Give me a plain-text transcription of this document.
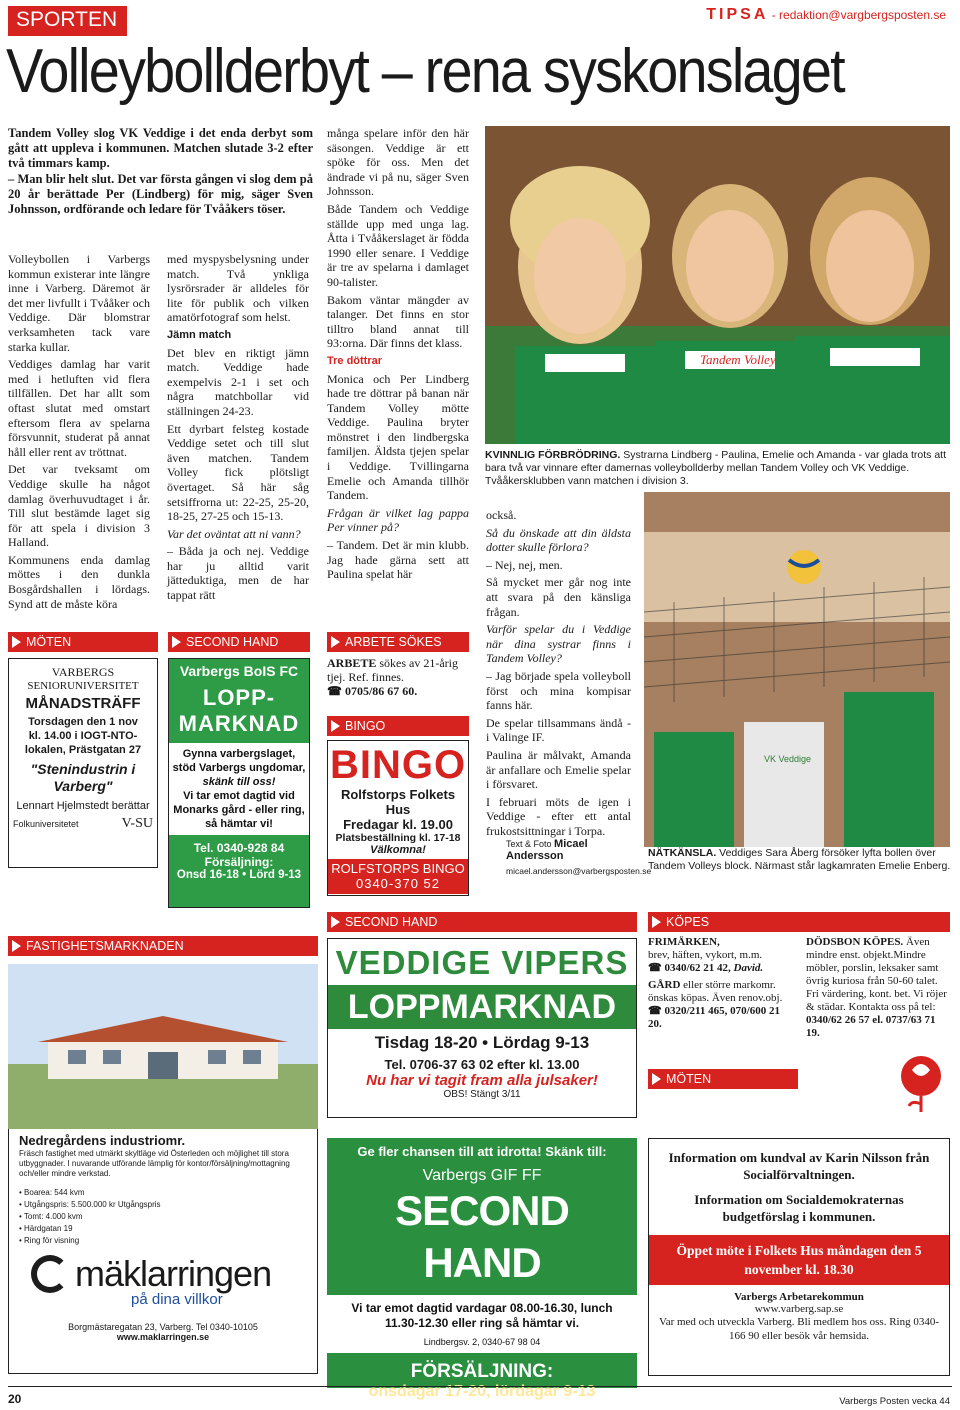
SPORTEN	TIPSA - redaktion@vargbergsposten.se
Volleybollderbyt – rena syskonslaget

Tandem Volley slog VK Veddige i det enda derbyt som gått att uppleva i kommunen. Matchen slutade 3-2 efter två timmars kamp.

– Man blir helt slut. Det var första gången vi slog dem på 20 år berättade Per (Lindberg) för mig, säger Sven Johnsson, ordförande och ledare för Tvååkers töser.

Volleybollen i Varbergs kommun existerar inte längre inne i Varberg. Däremot är det mer livfullt i Tvååker och Veddige. Där blomstrar verksamheten tack vare starka kullar.

Veddiges damlag har varit med i hetluften vid flera tillfällen. Det har allt som oftast slutat med omstart eftersom flera av spelarna försvunnit, studerat på annat håll eller rent av tröttnat.

Det var tveksamt om Veddige skulle ha något damlag överhuvudtaget i år. Till slut bestämde laget sig för att spela i division 3 Halland.

Kommunens enda damlag möttes i den dunkla Bosgårdshallen i lördags. Synd att de måste köra

med myspysbelysning under match. Två ynkliga lysrörsrader är alldeles för lite för publik och vilken amatörfotograf som helst.

Jämn match

Det blev en riktigt jämn match. Veddige hade exempelvis 2-1 i set och några matchbollar vid ställningen 24-23.

Ett dyrbart felsteg kostade Veddige setet och till slut även matchen. Tandem Volley fick plötsligt övertaget. Så här såg setsiffrorna ut: 22-25, 25-20, 18-25, 27-25 och 15-13.

Var det oväntat att ni vann?

– Båda ja och nej. Veddige har ju alltid varit jätteduktiga, men de har tappat rätt

många spelare inför den här säsongen. Veddige är ett spöke för oss. Men det ändrade vi på nu, säger Sven Johnsson.

Både Tandem och Veddige ställde upp med unga lag. Åtta i Tvååkerslaget är födda 1990 eller senare. I Veddige är tre av spelarna i damlaget 90-talister.

Bakom väntar mängder av talanger. Det finns en stor tilltro bland annat till 93:orna. Där finns det klass.

Tre döttrar

Monica och Per Lindberg hade tre döttrar på banan när Tandem Volley mötte Veddige. Paulina bryter mönstret i den lindbergska familjen. Äldsta tjejen spelar i Veddige. Tvillingarna Emelie och Amanda tillhör Tandem.

Frågan är vilket lag pappa Per vinner på?

– Tandem. Det är min klubb. Jag hade gärna sett att Paulina spelat här

Tandem Volley
KVINNLIG FÖRBRÖDRING. Systrarna Lindberg - Paulina, Emelie och Amanda - var glada trots att bara två var vinnare efter damernas volleybollderby mellan Tandem Volley och VK Veddige. Tvååkersklubben vann matchen i division 3.

också.

Så du önskade att din äldsta dotter skulle förlora?

– Nej, nej, men.

Så mycket mer går nog inte att svara på den känsliga frågan.

Varför spelar du i Veddige när dina systrar finns i Tandem Volley?

– Jag började spela volleyboll först och mina kompisar fanns här.

De spelar tillsammans ändå - i Valinge IF.

Paulina är målvakt, Amanda är anfallare och Emelie spelar i försvaret.

I februari möts de igen i Veddige - efter ett antal frukostsittningar i Torpa.

Text & Foto Micael Andersson
micael.andersson@varbergsposten.se
VK Veddige
NÄTKÄNSLA. Veddiges Sara Åberg försöker lyfta bollen över Tandem Volleys block. Närmast står lagkamraten Emelie Enberg.
MÖTEN
VARBERGS
SENIORUNIVERSITET
MÅNADSTRÄFF
Torsdagen den 1 nov
kl. 14.00 i IOGT-NTO-lokalen, Prästgatan 27
"Stenindustrin i Varberg"
Lennart Hjelmstedt berättar
Folkuniversitetet	V-SU
SECOND HAND
Varbergs BoIS FC
LOPP-
MARKNAD
Gynna varbergslaget, stöd Varbergs ungdomar, skänk till oss!
Vi tar emot dagtid vid Monarks gård - eller ring, så hämtar vi!
Tel. 0340-928 84
Försäljning:
Onsd 16-18 • Lörd 9-13
ARBETE SÖKES
ARBETE sökes av 21-årig tjej. Ref. finnes.
☎ 0705/86 67 60.
BINGO
BINGO
Rolfstorps Folkets Hus
Fredagar kl. 19.00
Platsbeställning kl. 17-18
Välkomna!
ROLFSTORPS BINGO
0340-370 52
FASTIGHETSMARKNADEN
Nedregårdens industriomr.
Fräsch fastighet med utmärkt skyltläge vid Österleden och möjlighet till stora utbyggnader. I nuvarande utförande lämplig för kontor/försäljning/mottagning och/eller mindre verkstad.
• Boarea: 544 kvm
• Utgångspris: 5.500.000 kr Utgångspris
• Tomt: 4.000 kvm
• Härdgatan 19
• Ring för visning
mäklarringen
på dina villkor
Borgmästaregatan 23, Varberg. Tel 0340-10105
www.maklarringen.se
SECOND HAND
VEDDIGE VIPERS
LOPPMARKNAD
Tisdag 18-20 • Lördag 9-13
Tel. 0706-37 63 02 efter kl. 13.00
Nu har vi tagit fram alla julsaker!
OBS! Stängt 3/11
KÖPES
FRIMÄRKEN,
brev, häften, vykort, m.m.
☎ 0340/62 21 42, David.
GÅRD eller större markomr. önskas köpas. Även renov.obj.
☎ 0320/211 465, 070/600 21 20.
DÖDSBON KÖPES. Även mindre enst. objekt.Mindre möbler, porslin, leksaker samt övrig kuriosa från 50-60 talet. Fri värdering, kont. bet. Vi röjer & städar. Kontakta oss på tel: 0340/62 26 57 el. 0737/63 71 19.
MÖTEN
Ge fler chansen till att idrotta! Skänk till:
Varbergs GIF FF
SECOND HAND
Vi tar emot dagtid vardagar 08.00-16.30, lunch 11.30-12.30 eller ring så hämtar vi.
Lindbergsv. 2, 0340-67 98 04
FÖRSÄLJNING:
onsdagar 17-20, lördagar 9-13
Information om kundval av Karin Nilsson från Socialförvaltningen.
Information om Socialdemokraternas budgetförslag i kommunen.
Öppet möte i Folkets Hus måndagen den 5 november kl. 18.30
Varbergs Arbetarekommun
www.varberg.sap.se
Var med och utveckla Varberg. Bli medlem hos oss. Ring 0340-166 90 eller besök vår hemsida.
20	Varbergs Posten vecka 44
